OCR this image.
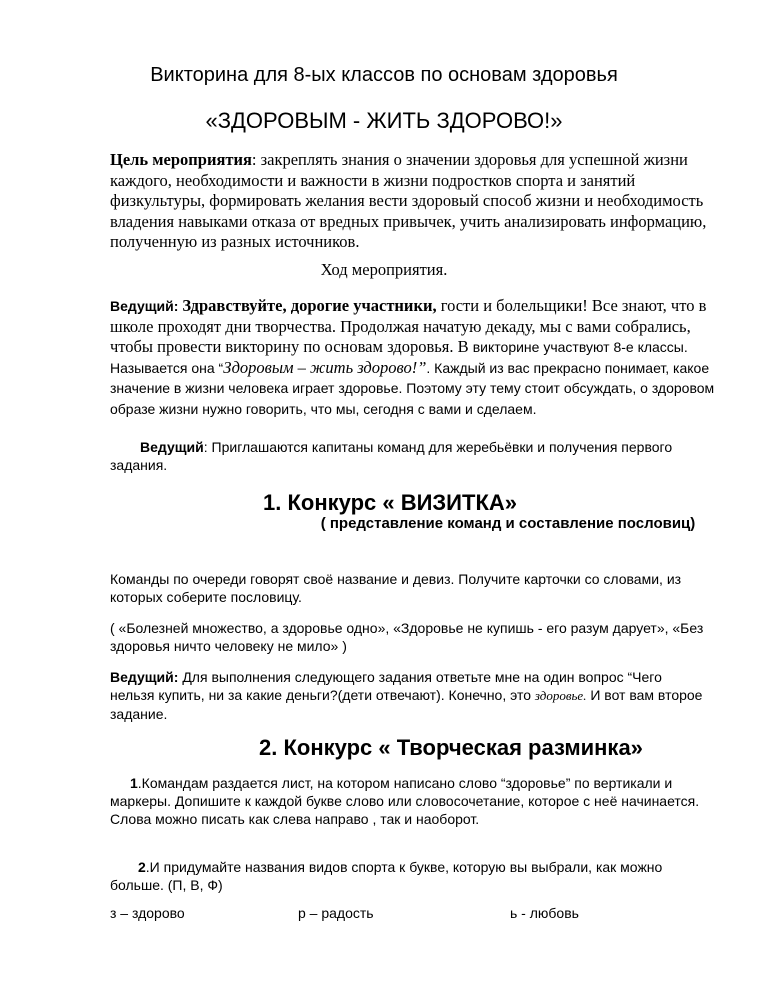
Викторина для 8-ых классов по основам здоровья
«ЗДОРОВЫМ - ЖИТЬ ЗДОРОВО!»
Цель мероприятия: закреплять знания о значении здоровья для успешной жизни каждого, необходимости и важности в жизни подростков спорта и занятий физкультуры, формировать желания вести здоровый способ жизни и необходимость владения навыками отказа от вредных привычек, учить анализировать информацию, полученную из разных источников.
Ход мероприятия.
Ведущий: Здравствуйте, дорогие участники, гости и болельщики! Все знают, что в школе проходят дни творчества. Продолжая начатую декаду, мы с вами собрались, чтобы провести викторину по основам здоровья. В викторине участвуют 8-е классы. Называется она “Здоровым – жить здорово!”. Каждый из вас прекрасно понимает, какое значение в жизни человека играет здоровье. Поэтому эту тему стоит обсуждать, о здоровом образе жизни нужно говорить, что мы, сегодня с вами и сделаем.
Ведущий: Приглашаются капитаны команд для жеребьёвки и получения первого задания.
1. Конкурс « ВИЗИТКА»
( представление команд и составление пословиц)
Команды по очереди говорят своё название и девиз. Получите карточки со словами, из которых соберите пословицу.
( «Болезней множество, а здоровье одно», «Здоровье не купишь - его разум дарует», «Без здоровья ничто человеку не мило» )
Ведущий: Для выполнения следующего задания ответьте мне на один вопрос “Чего нельзя купить, ни за какие деньги?(дети отвечают). Конечно, это здоровье. И вот вам второе задание.
2. Конкурс « Творческая разминка»
1.Командам раздается лист, на котором написано слово “здоровье” по вертикали и маркеры. Допишите к каждой букве слово или словосочетание, которое с неё начинается. Слова можно писать как слева направо , так и наоборот.
2.И придумайте названия видов спорта к букве, которую вы выбрали, как можно больше. (П, В, Ф)
з – здорово	р – радость	ь - любовь
